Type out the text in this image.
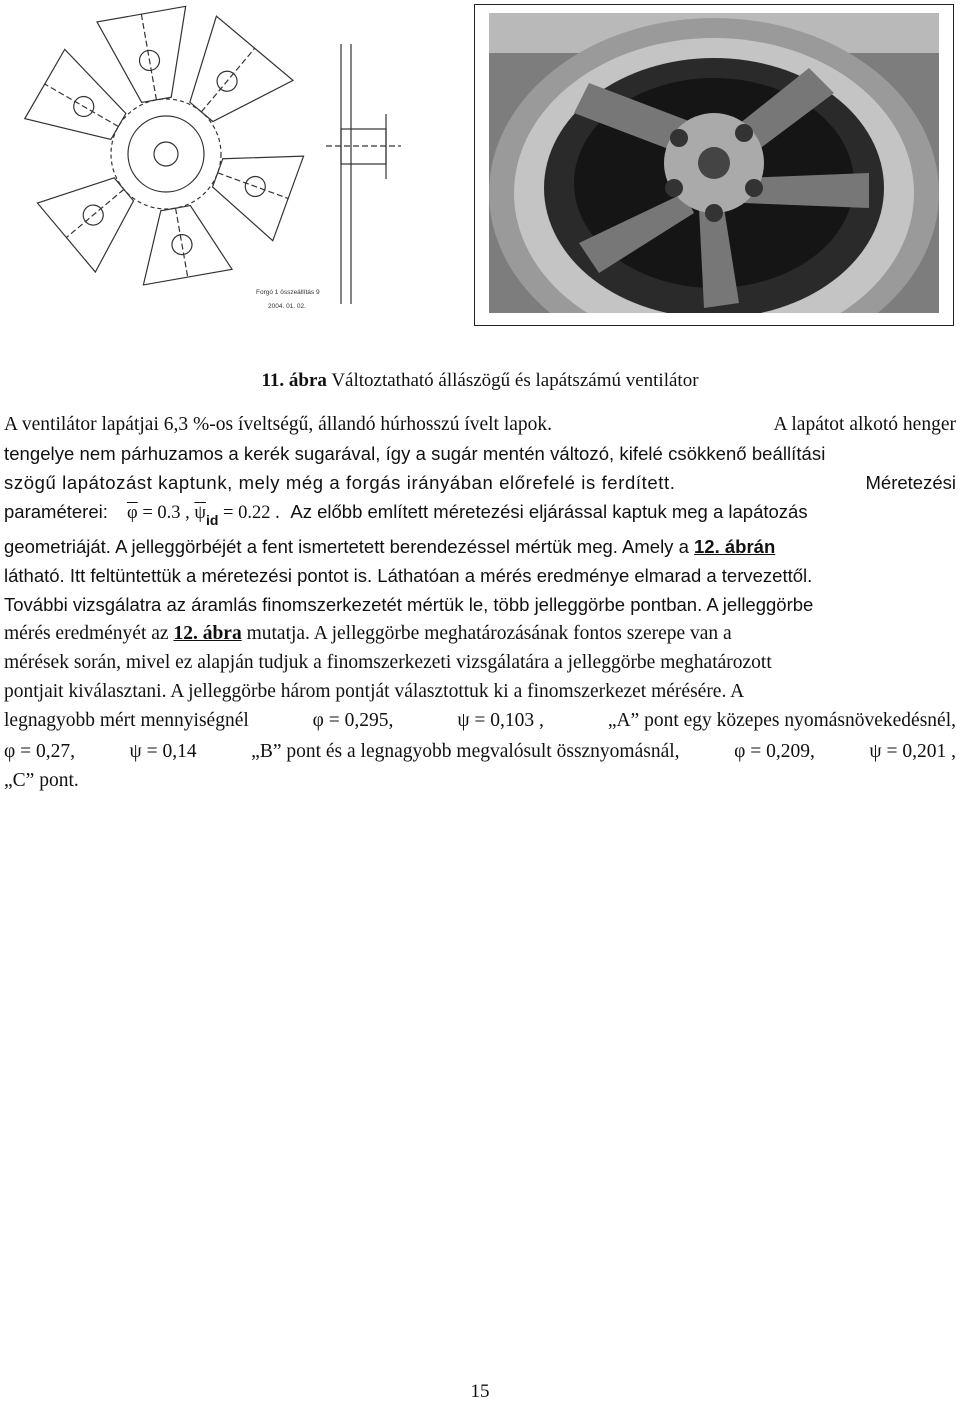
Forgó 1 összeállítás 9
2004. 01. 02.
11. ábra Változtatható állászögű és lapátszámú ventilátor
A ventilátor lapátjai 6,3 %-os íveltségű, állandó húrhosszú ívelt lapok.	A lapátot alkotó henger
tengelye nem párhuzamos a kerék sugarával, így a sugár mentén változó, kifelé csökkenő beállítási
szögű lapátozást kaptunk, mely még a forgás irányában előrefelé is ferdített.	Méretezési
paraméterei: $\overline{\varphi} = 0.3$ , $\overline{\psi}_{id} = 0.22$ . Az előbb említett méretezési eljárással kaptuk meg a lapátozás
geometriáját. A jelleggörbéjét a fent ismertetett berendezéssel mértük meg. Amely a 12. ábrán
látható. Itt feltüntettük a méretezési pontot is. Láthatóan a mérés eredménye elmarad a tervezettől.
További vizsgálatra az áramlás finomszerkezetét mértük le, több jelleggörbe pontban. A jelleggörbe
mérés eredményét az 12. ábra mutatja. A jelleggörbe meghatározásának fontos szerepe van a
mérések során, mivel ez alapján tudjuk a finomszerkezeti vizsgálatára a jelleggörbe meghatározott
pontjait kiválasztani. A jelleggörbe három pontját választottuk ki a finomszerkezet mérésére. A
legnagyobb mért mennyiségnél	φ = 0,295,	ψ = 0,103 ,	„A” pont egy közepes nyomásnövekedésnél,
φ = 0,27,	ψ = 0,14	„B” pont és a legnagyobb megvalósult össznyomásnál,	φ = 0,209,	ψ = 0,201 ,
„C” pont.
15
